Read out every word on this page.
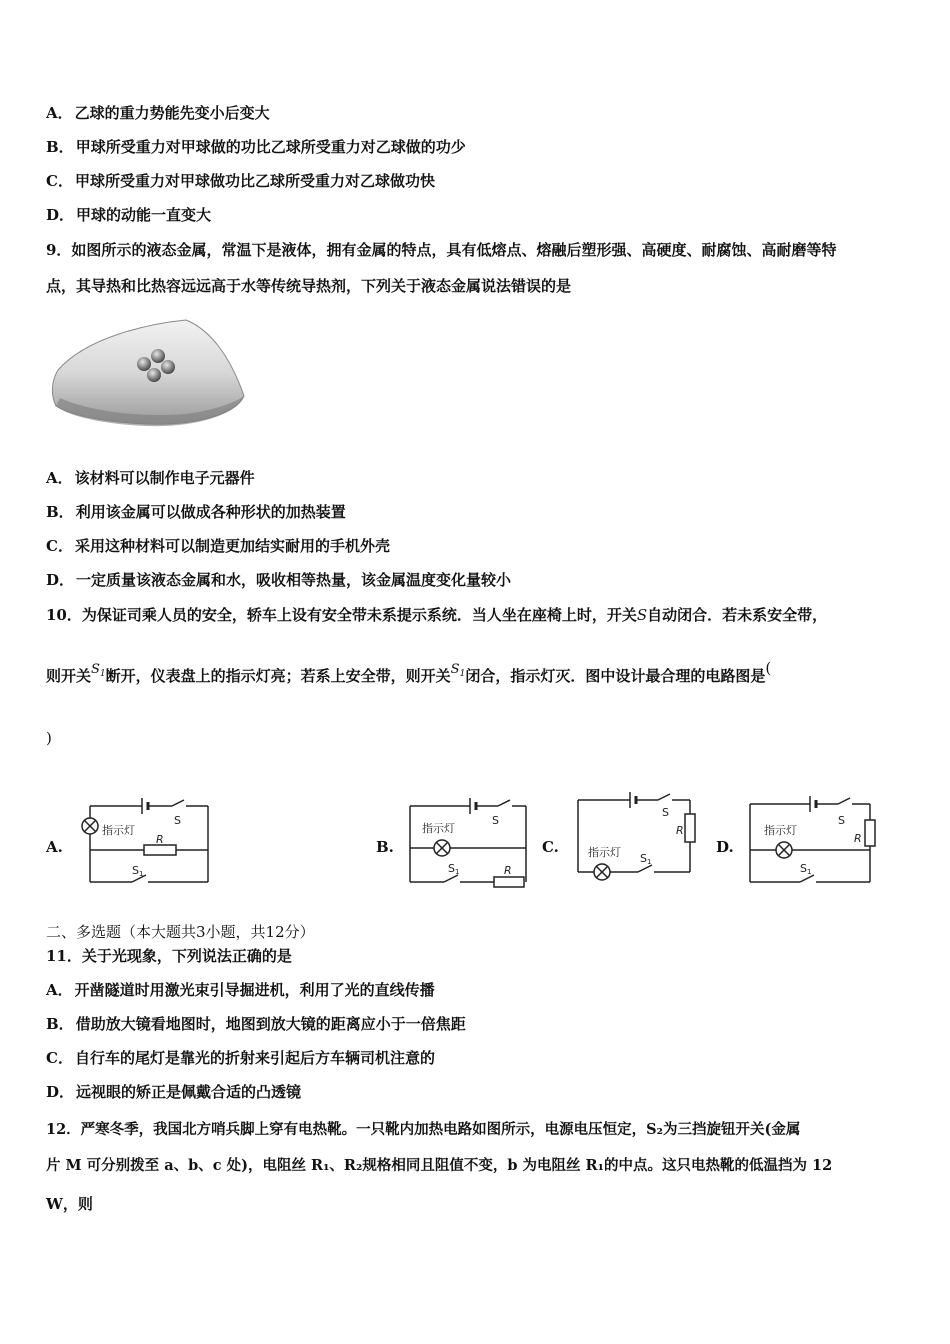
A． 乙球的重力势能先变小后变大
B． 甲球所受重力对甲球做的功比乙球所受重力对乙球做的功少
C． 甲球所受重力对甲球做功比乙球所受重力对乙球做功快
D． 甲球的动能一直变大
9．如图所示的液态金属，常温下是液体，拥有金属的特点，具有低熔点、熔融后塑形强、高硬度、耐腐蚀、高耐磨等特
点，其导热和比热容远远高于水等传统导热剂，下列关于液态金属说法错误的是
A． 该材料可以制作电子元器件
B． 利用该金属可以做成各种形状的加热装置
C． 采用这种材料可以制造更加结实耐用的手机外壳
D． 一定质量该液态金属和水，吸收相等热量，该金属温度变化量较小
10．为保证司乘人员的安全，轿车上设有安全带未系提示系统．当人坐在座椅上时，开关S自动闭合．若未系安全带，
则开关$S_1$断开，仪表盘上的指示灯亮；若系上安全带，则开关$S_1$闭合，指示灯灭．图中设计最合理的电路图是(
)
A.	B.	C.	D.
指示灯
S
R
S1
指示灯
S
R
S1
指示灯
S
R
S1
指示灯
S
R
S1
二、多选题（本大题共3小题，共12分）
11．关于光现象，下列说法正确的是
A． 开凿隧道时用激光束引导掘进机，利用了光的直线传播
B． 借助放大镜看地图时，地图到放大镜的距离应小于一倍焦距
C． 自行车的尾灯是靠光的折射来引起后方车辆司机注意的
D． 远视眼的矫正是佩戴合适的凸透镜
12．严寒冬季，我国北方哨兵脚上穿有电热靴。一只靴内加热电路如图所示，电源电压恒定，S₂为三挡旋钮开关(金属
片 M 可分别拨至 a、b、c 处)，电阻丝 R₁、R₂规格相同且阻值不变，b 为电阻丝 R₁的中点。这只电热靴的低温挡为 12
W，则
